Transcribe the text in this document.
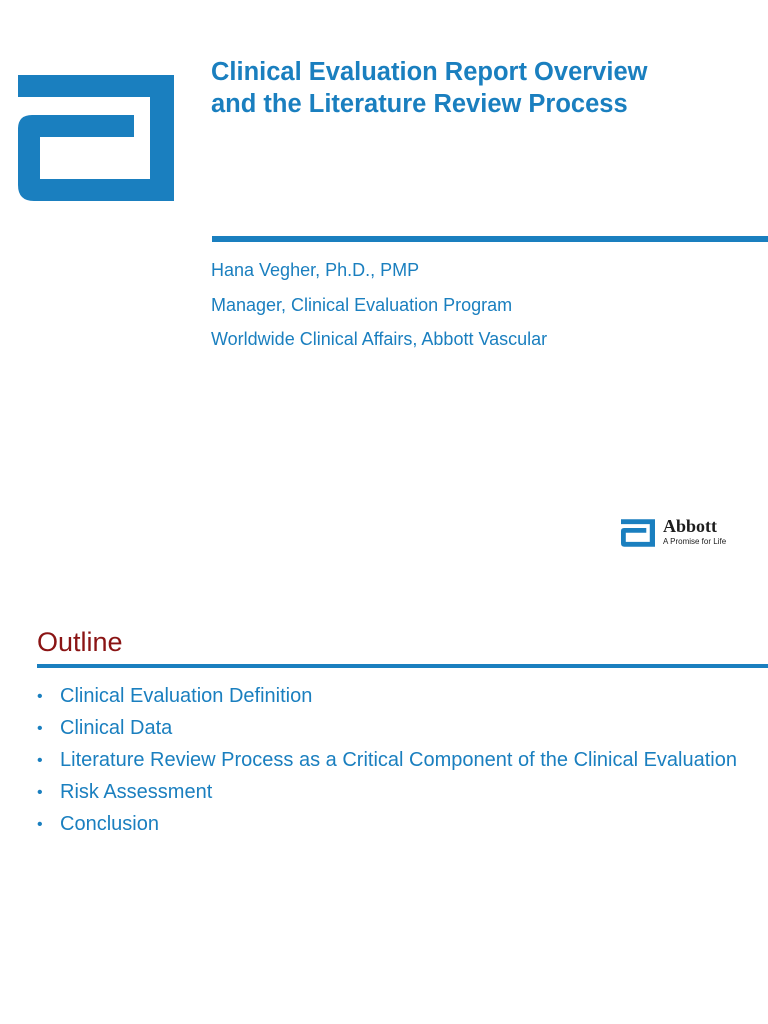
Clinical Evaluation Report Overview
and the Literature Review Process
Hana Vegher, Ph.D., PMP
Manager, Clinical Evaluation Program
Worldwide Clinical Affairs, Abbott Vascular
Abbott
A Promise for Life
Outline
• Clinical Evaluation Definition
• Clinical Data
• Literature Review Process as a Critical Component of the Clinical Evaluation
• Risk Assessment
• Conclusion
